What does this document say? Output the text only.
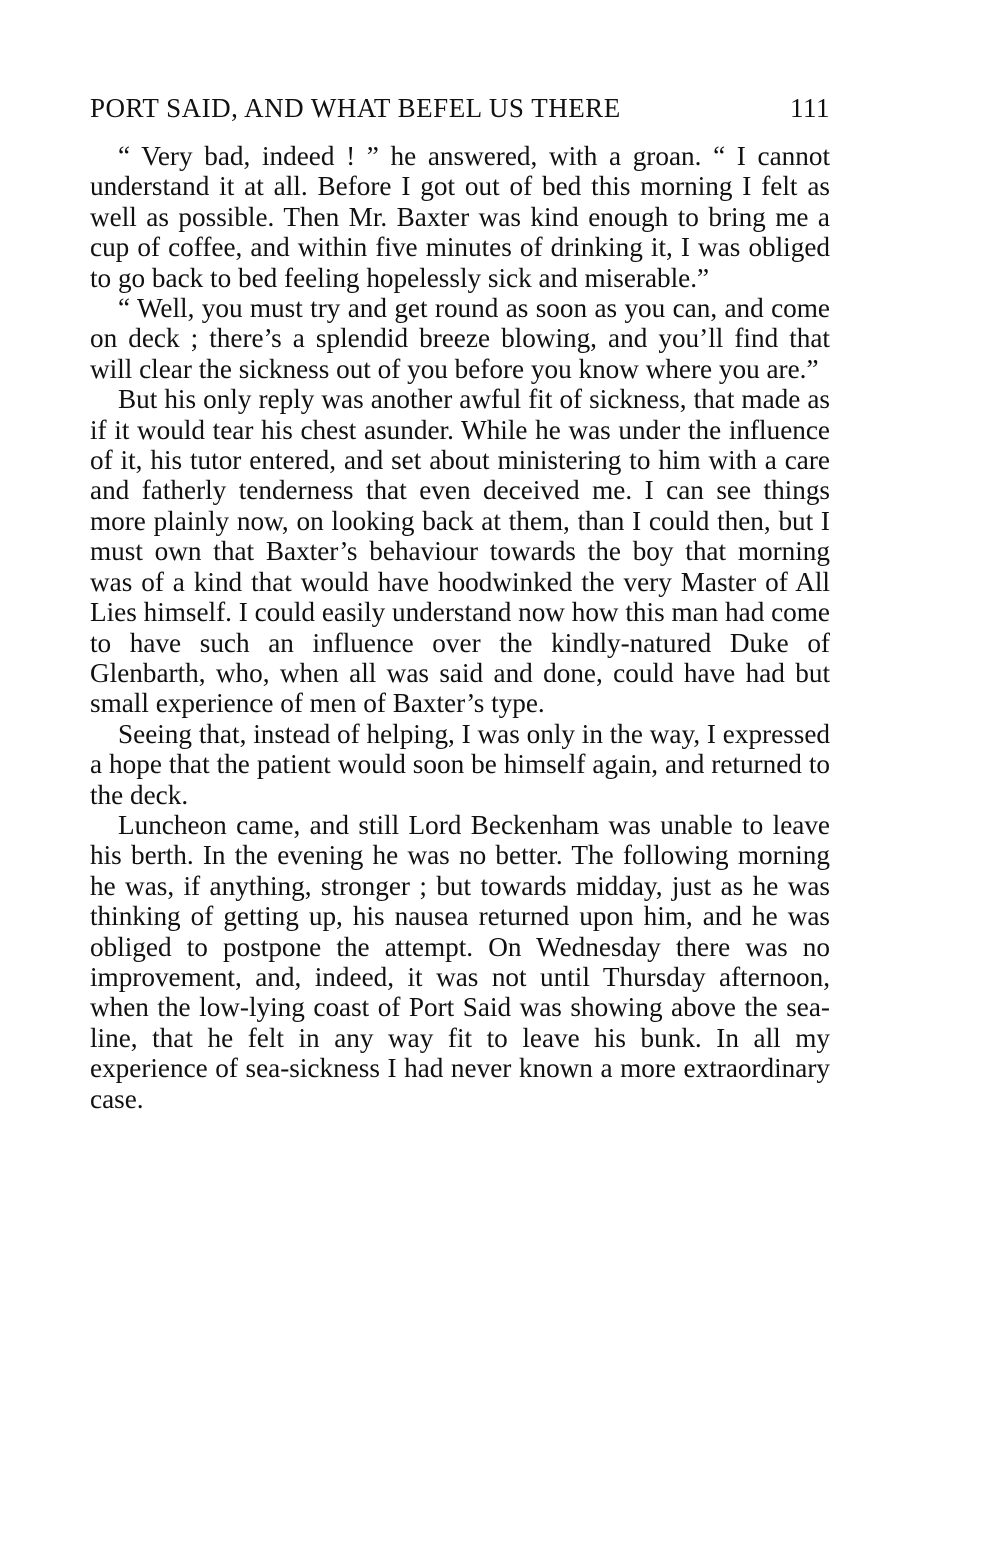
PORT SAID, AND WHAT BEFEL US THERE	111

“ Very bad, indeed ! ” he answered, with a groan. “ I cannot understand it at all. Before I got out of bed this morning I felt as well as possible. Then Mr. Baxter was kind enough to bring me a cup of coffee, and within five minutes of drinking it, I was obliged to go back to bed feeling hopelessly sick and miserable.”

“ Well, you must try and get round as soon as you can, and come on deck ; there’s a splendid breeze blowing, and you’ll find that will clear the sickness out of you before you know where you are.”

But his only reply was another awful fit of sickness, that made as if it would tear his chest asunder. While he was under the influence of it, his tutor entered, and set about ministering to him with a care and fatherly tenderness that even deceived me. I can see things more plainly now, on looking back at them, than I could then, but I must own that Baxter’s behaviour towards the boy that morning was of a kind that would have hoodwinked the very Master of All Lies himself. I could easily understand now how this man had come to have such an influence over the kindly-natured Duke of Glenbarth, who, when all was said and done, could have had but small experience of men of Baxter’s type.

Seeing that, instead of helping, I was only in the way, I expressed a hope that the patient would soon be himself again, and returned to the deck.

Luncheon came, and still Lord Beckenham was unable to leave his berth. In the evening he was no better. The following morning he was, if anything, stronger ; but towards midday, just as he was thinking of getting up, his nausea returned upon him, and he was obliged to postpone the attempt. On Wednesday there was no improvement, and, indeed, it was not until Thursday afternoon, when the low-lying coast of Port Said was showing above the sea-line, that he felt in any way fit to leave his bunk. In all my experience of sea-sickness I had never known a more extraordinary case.
